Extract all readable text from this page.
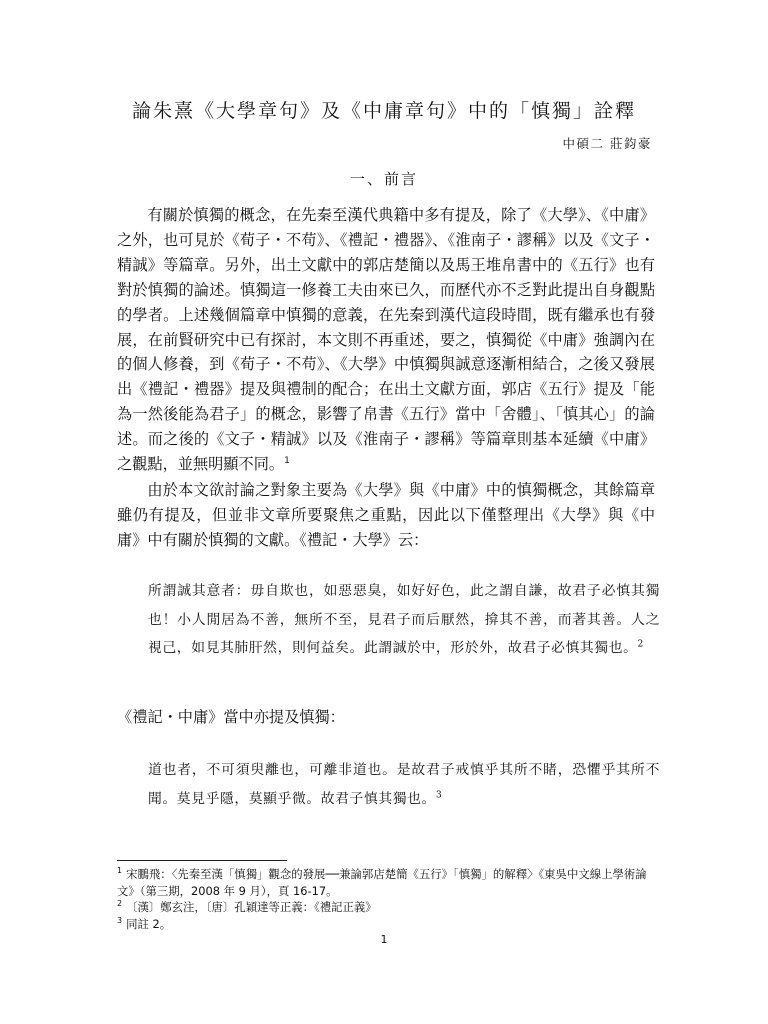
論朱熹《大學章句》及《中庸章句》中的「慎獨」詮釋
中碩二 莊鈞豪
一、前言
有關於慎獨的概念，在先秦至漢代典籍中多有提及，除了《大學》、《中庸》之外，也可見於《荀子・不苟》、《禮記・禮器》、《淮南子・謬稱》以及《文子・精誠》等篇章。另外，出土文獻中的郭店楚簡以及馬王堆帛書中的《五行》也有對於慎獨的論述。慎獨這一修養工夫由來已久，而歷代亦不乏對此提出自身觀點的學者。上述幾個篇章中慎獨的意義，在先秦到漢代這段時間，既有繼承也有發展，在前賢研究中已有探討，本文則不再重述，要之，慎獨從《中庸》強調內在的個人修養，到《荀子・不苟》、《大學》中慎獨與誠意逐漸相結合，之後又發展出《禮記・禮器》提及與禮制的配合；在出土文獻方面，郭店《五行》提及「能為一然後能為君子」的概念，影響了帛書《五行》當中「舍體」、「慎其心」的論述。而之後的《文子・精誠》以及《淮南子・謬稱》等篇章則基本延續《中庸》之觀點，並無明顯不同。$^1$
由於本文欲討論之對象主要為《大學》與《中庸》中的慎獨概念，其餘篇章雖仍有提及，但並非文章所要聚焦之重點，因此以下僅整理出《大學》與《中庸》中有關於慎獨的文獻。《禮記・大學》云：
所謂誠其意者：毋自欺也，如惡惡臭，如好好色，此之謂自謙，故君子必慎其獨也！小人閒居為不善，無所不至，見君子而后厭然，揜其不善，而著其善。人之視己，如見其肺肝然，則何益矣。此謂誠於中，形於外，故君子必慎其獨也。$^2$
《禮記・中庸》當中亦提及慎獨：
道也者，不可須臾離也，可離非道也。是故君子戒慎乎其所不睹，恐懼乎其所不聞。莫見乎隱，莫顯乎微。故君子慎其獨也。$^3$

$^1$ 宋鵬飛：〈先秦至漢「慎獨」觀念的發展──兼論郭店楚簡《五行》「慎獨」的解釋〉《東吳中文線上學術論文》（第三期，2008 年 9 月），頁 16-17。

$^2$ 〔漢〕鄭玄注，〔唐〕孔穎達等正義：《禮記正義》

$^3$ 同註 2。

1
